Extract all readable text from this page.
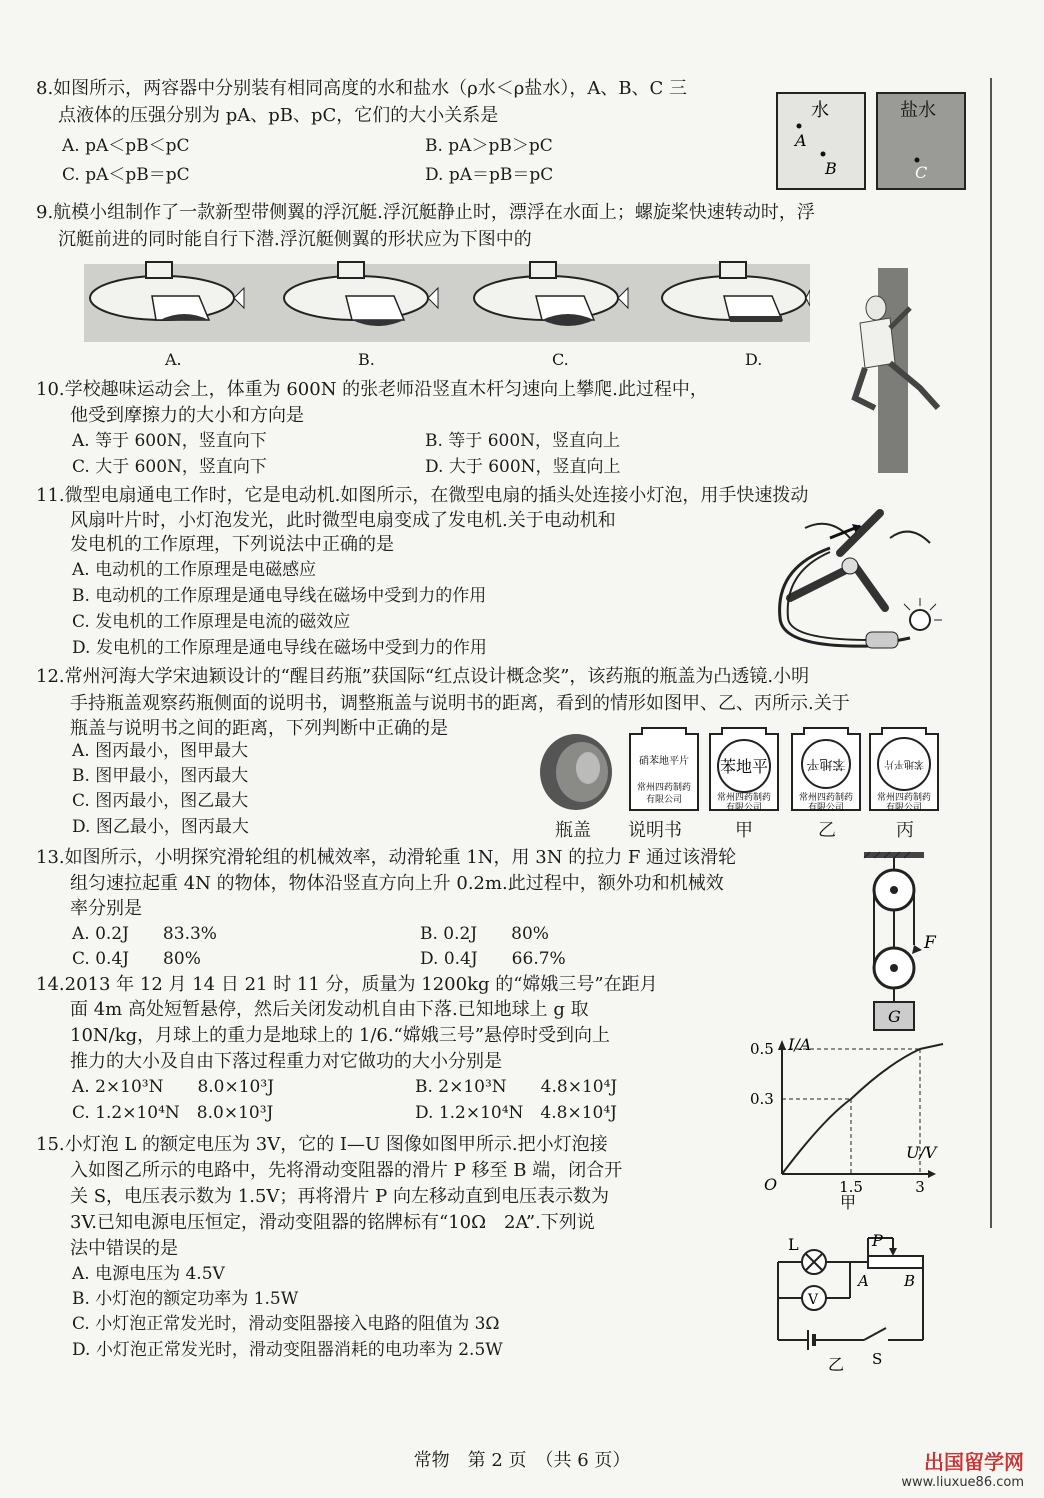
8.如图所示，两容器中分别装有相同高度的水和盐水（ρ水＜ρ盐水），A、B、C 三
点液体的压强分别为 pA、pB、pC，它们的大小关系是
A. pA＜pB＜pC	B. pA＞pB＞pC
C. pA＜pB＝pC	D. pA＝pB＝pC
水	盐水
A
B	C
9.航模小组制作了一款新型带侧翼的浮沉艇.浮沉艇静止时，漂浮在水面上；螺旋桨快速转动时，浮
沉艇前进的同时能自行下潜.浮沉艇侧翼的形状应为下图中的
A.	B.	C.	D.
10.学校趣味运动会上，体重为 600N 的张老师沿竖直木杆匀速向上攀爬.此过程中，
他受到摩擦力的大小和方向是
A. 等于 600N，竖直向下	B. 等于 600N，竖直向上
C. 大于 600N，竖直向下	D. 大于 600N，竖直向上
11.微型电扇通电工作时，它是电动机.如图所示，在微型电扇的插头处连接小灯泡，用手快速拨动
风扇叶片时，小灯泡发光，此时微型电扇变成了发电机.关于电动机和
发电机的工作原理，下列说法中正确的是
A. 电动机的工作原理是电磁感应
B. 电动机的工作原理是通电导线在磁场中受到力的作用
C. 发电机的工作原理是电流的磁效应
D. 发电机的工作原理是通电导线在磁场中受到力的作用
12.常州河海大学宋迪颖设计的“醒目药瓶”获国际“红点设计概念奖”，该药瓶的瓶盖为凸透镜.小明
手持瓶盖观察药瓶侧面的说明书，调整瓶盖与说明书的距离，看到的情形如图甲、乙、丙所示.关于
瓶盖与说明书之间的距离，下列判断中正确的是
A. 图丙最小，图甲最大
B. 图甲最小，图丙最大
C. 图丙最小，图乙最大
D. 图乙最小，图丙最大
硝苯地平片
常州四药制药
有限公司
苯地平
常州四药制药
有限公司
苯地平
常州四药制药
有限公司
苯地平片
常州四药制药
有限公司
瓶盖 说明书	甲	乙	丙
13.如图所示，小明探究滑轮组的机械效率，动滑轮重 1N，用 3N 的拉力 F 通过该滑轮
组匀速拉起重 4N 的物体，物体沿竖直方向上升 0.2m.此过程中，额外功和机械效
率分别是
A. 0.2J　　83.3%	B. 0.2J　　80%
C. 0.4J　　80%	D. 0.4J　　66.7%
F
G
14.2013 年 12 月 14 日 21 时 11 分，质量为 1200kg 的“嫦娥三号”在距月
面 4m 高处短暂悬停，然后关闭发动机自由下落.已知地球上 g 取
10N/kg，月球上的重力是地球上的 1/6.“嫦娥三号”悬停时受到向上
推力的大小及自由下落过程重力对它做功的大小分别是
A. 2×10³N　　8.0×10³J	B. 2×10³N　　4.8×10⁴J
C. 1.2×10⁴N　8.0×10³J	D. 1.2×10⁴N　4.8×10⁴J
15.小灯泡 L 的额定电压为 3V，它的 I—U 图像如图甲所示.把小灯泡接
入如图乙所示的电路中，先将滑动变阻器的滑片 P 移至 B 端，闭合开
关 S，电压表示数为 1.5V；再将滑片 P 向左移动直到电压表示数为
3V.已知电源电压恒定，滑动变阻器的铭牌标有“10Ω　2A”.下列说
法中错误的是
A. 电源电压为 4.5V
B. 小灯泡的额定功率为 1.5W
C. 小灯泡正常发光时，滑动变阻器接入电路的阻值为 3Ω
D. 小灯泡正常发光时，滑动变阻器消耗的电功率为 2.5W
I/A
U/V
O
0.5
0.3
1.5	3
甲
L
V
P
A B
乙 S
常物　第 2 页　（共 6 页）	出国留学网
www.liuxue86.com
